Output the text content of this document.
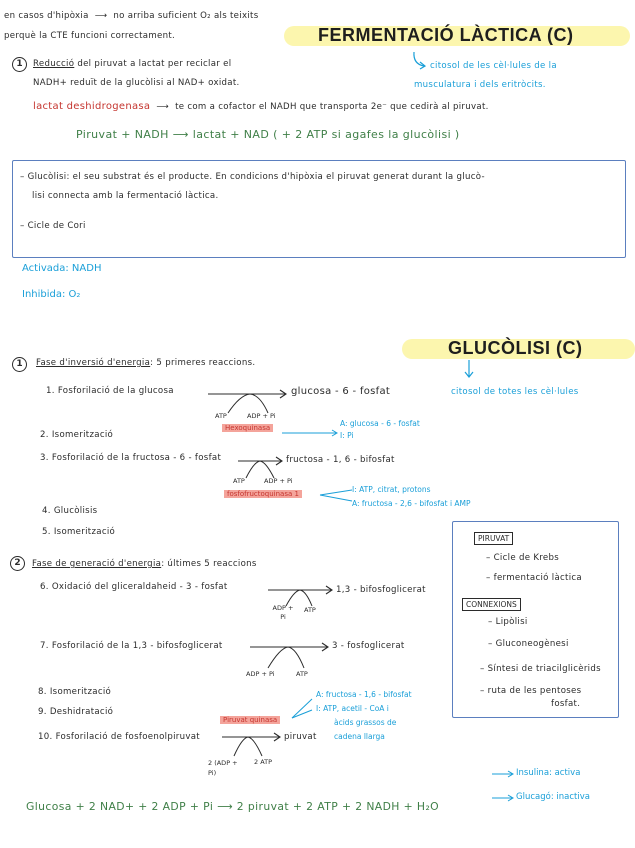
en casos d'hipòxia ⟶ no arriba suficient O₂ als teixits
perquè la CTE funcioni correctament.	FERMENTACIÓ LÀCTICA (C)
citosol de les cèl·lules de la
musculatura i dels eritròcits.
1	Reducció del piruvat a lactat per reciclar el
NADH+ reduït de la glucòlisi al NAD+ oxidat.
lactat deshidrogenasa ⟶ te com a cofactor el NADH que transporta 2e⁻ que cedirà al piruvat.
Piruvat + NADH ⟶ lactat + NAD ( + 2 ATP si agafes la glucòlisi )
– Glucòlisi: el seu substrat és el producte. En condicions d'hipòxia el piruvat generat durant la glucò-
lisi connecta amb la fermentació làctica.
– Cicle de Cori
Activada: NADH
Inhibida: O₂
GLUCÒLISI (C)
citosol de totes les cèl·lules
1	Fase d'inversió d'energia: 5 primeres reaccions.
1. Fosforilació de la glucosa	glucosa - 6 - fosfat
ATP	ADP + Pi
Hexoquinasa	A: glucosa - 6 - fosfat
I: Pi
2. Isomerització
3. Fosforilació de la fructosa - 6 - fosfat	fructosa - 1, 6 - bifosfat
ATP	ADP + Pi
fosfofructoquinasa 1	I: ATP, citrat, protons
A: fructosa - 2,6 - bifosfat i AMP
4. Glucòlisis
5. Isomerització
PIRUVAT
– Cicle de Krebs
– fermentació làctica
CONNEXIONS
– Lipòlisi
– Gluconeogènesi
– Síntesi de triacilglicèrids
– ruta de les pentoses
fosfat.
2	Fase de generació d'energia: últimes 5 reaccions
6. Oxidació del gliceraldaheid - 3 - fosfat	1,3 - bifosfoglicerat
ADP + Pi
ATP
7. Fosforilació de la 1,3 - bifosfoglicerat	3 - fosfoglicerat
ADP + Pi	ATP
8. Isomerització
9. Deshidratació
Piruvat quinasa
A: fructosa - 1,6 - bifosfat
I: ATP, acetil - CoA i
àcids grassos de
cadena llarga
10. Fosforilació de fosfoenolpiruvat	piruvat
2 (ADP + Pi)
2 ATP
Insulina: activa
Glucagó: inactiva
Glucosa + 2 NAD+ + 2 ADP + Pi ⟶ 2 piruvat + 2 ATP + 2 NADH + H₂O
